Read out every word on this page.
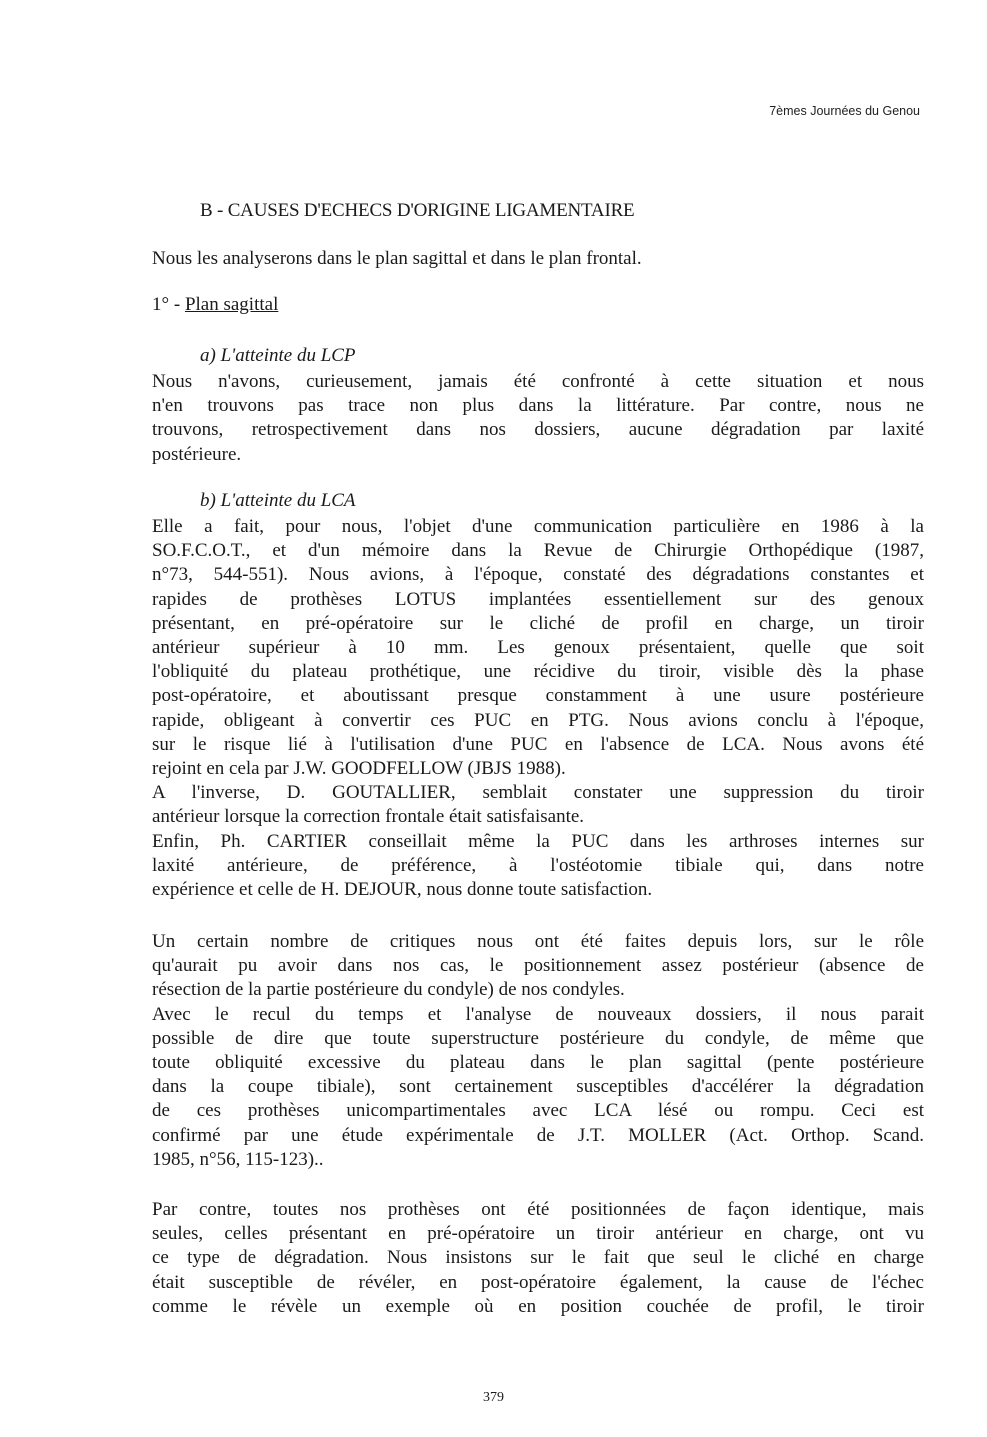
7èmes Journées du Genou
B - CAUSES D'ECHECS D'ORIGINE LIGAMENTAIRE
Nous les analyserons dans le plan sagittal et dans le plan frontal.
1° - Plan sagittal
a) L'atteinte du LCP
Nous n'avons, curieusement, jamais été confronté à cette situation et nous
n'en trouvons pas trace non plus dans la littérature. Par contre, nous ne
trouvons, retrospectivement dans nos dossiers, aucune dégradation par laxité
postérieure.
b) L'atteinte du LCA
Elle a fait, pour nous, l'objet d'une communication particulière en 1986 à la
SO.F.C.O.T., et d'un mémoire dans la Revue de Chirurgie Orthopédique (1987,
n°73, 544-551). Nous avions, à l'époque, constaté des dégradations constantes et
rapides de prothèses LOTUS implantées essentiellement sur des genoux
présentant, en pré-opératoire sur le cliché de profil en charge, un tiroir
antérieur supérieur à 10 mm. Les genoux présentaient, quelle que soit
l'obliquité du plateau prothétique, une récidive du tiroir, visible dès la phase
post-opératoire, et aboutissant presque constamment à une usure postérieure
rapide, obligeant à convertir ces PUC en PTG. Nous avions conclu à l'époque,
sur le risque lié à l'utilisation d'une PUC en l'absence de LCA. Nous avons été
rejoint en cela par J.W. GOODFELLOW (JBJS 1988).
A l'inverse, D. GOUTALLIER, semblait constater une suppression du tiroir
antérieur lorsque la correction frontale était satisfaisante.
Enfin, Ph. CARTIER conseillait même la PUC dans les arthroses internes sur
laxité antérieure, de préférence, à l'ostéotomie tibiale qui, dans notre
expérience et celle de H. DEJOUR, nous donne toute satisfaction.
Un certain nombre de critiques nous ont été faites depuis lors, sur le rôle
qu'aurait pu avoir dans nos cas, le positionnement assez postérieur (absence de
résection de la partie postérieure du condyle) de nos condyles.
Avec le recul du temps et l'analyse de nouveaux dossiers, il nous parait
possible de dire que toute superstructure postérieure du condyle, de même que
toute obliquité excessive du plateau dans le plan sagittal (pente postérieure
dans la coupe tibiale), sont certainement susceptibles d'accélérer la dégradation
de ces prothèses unicompartimentales avec LCA lésé ou rompu. Ceci est
confirmé par une étude expérimentale de J.T. MOLLER (Act. Orthop. Scand.
1985, n°56, 115-123)..
Par contre, toutes nos prothèses ont été positionnées de façon identique, mais
seules, celles présentant en pré-opératoire un tiroir antérieur en charge, ont vu
ce type de dégradation. Nous insistons sur le fait que seul le cliché en charge
était susceptible de révéler, en post-opératoire également, la cause de l'échec
comme le révèle un exemple où en position couchée de profil, le tiroir
379
